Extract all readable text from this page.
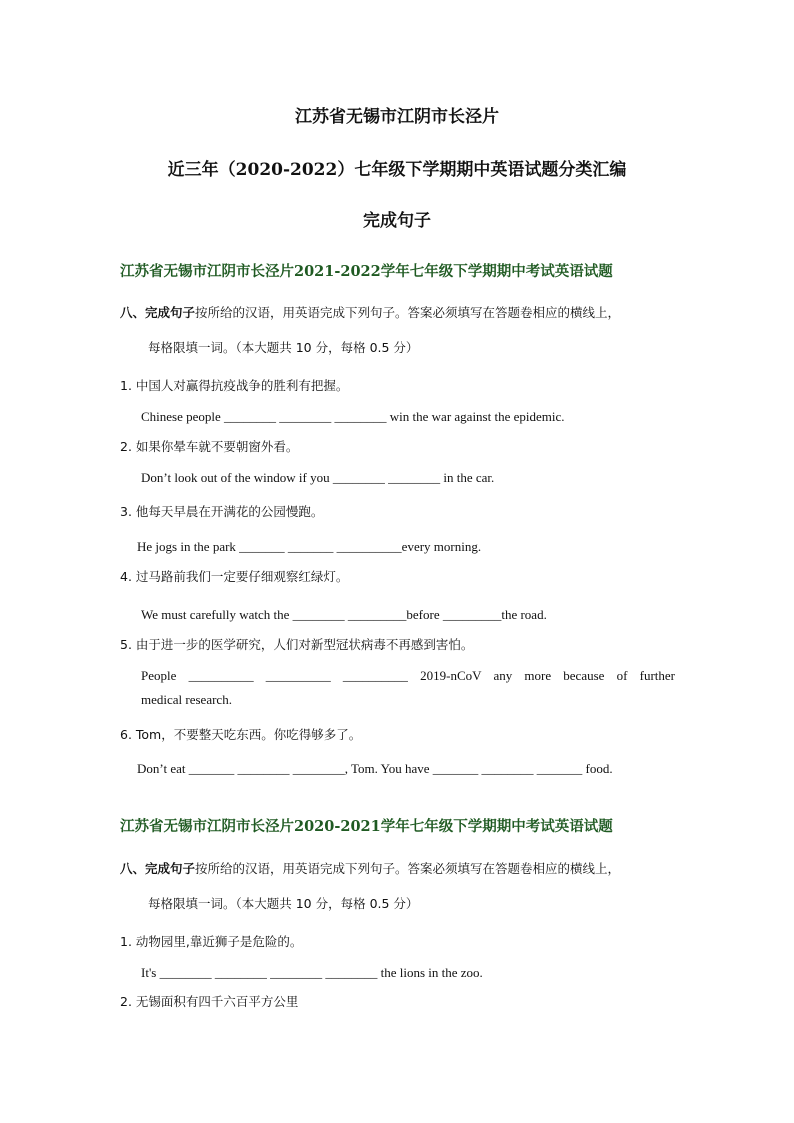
江苏省无锡市江阴市长泾片
近三年（2020-2022）七年级下学期期中英语试题分类汇编
完成句子
江苏省无锡市江阴市长泾片2021-2022学年七年级下学期期中考试英语试题
八、完成句子按所给的汉语，用英语完成下列句子。答案必须填写在答题卷相应的横线上，
每格限填一词。（本大题共 10 分，每格 0.5 分）
1. 中国人对赢得抗疫战争的胜利有把握。
Chinese people ________ ________ ________ win the war against the epidemic.
2. 如果你晕车就不要朝窗外看。
Don’t look out of the window if you ________ ________ in the car.
3. 他每天早晨在开满花的公园慢跑。
He jogs in the park _______ _______ __________every morning.
4. 过马路前我们一定要仔细观察红绿灯。
We must carefully watch the ________ _________before _________the road.
5. 由于进一步的医学研究，人们对新型冠状病毒不再感到害怕。
People __________ __________ __________ 2019-nCoV any more because of further
medical research.
6. Tom，不要整天吃东西。你吃得够多了。
Don’t eat _______ ________ ________, Tom. You have _______ ________ _______ food.
江苏省无锡市江阴市长泾片2020-2021学年七年级下学期期中考试英语试题
八、完成句子按所给的汉语，用英语完成下列句子。答案必须填写在答题卷相应的横线上，
每格限填一词。（本大题共 10 分，每格 0.5 分）
1. 动物园里,靠近狮子是危险的。
It's ________ ________ ________ ________ the lions in the zoo.
2. 无锡面积有四千六百平方公里
